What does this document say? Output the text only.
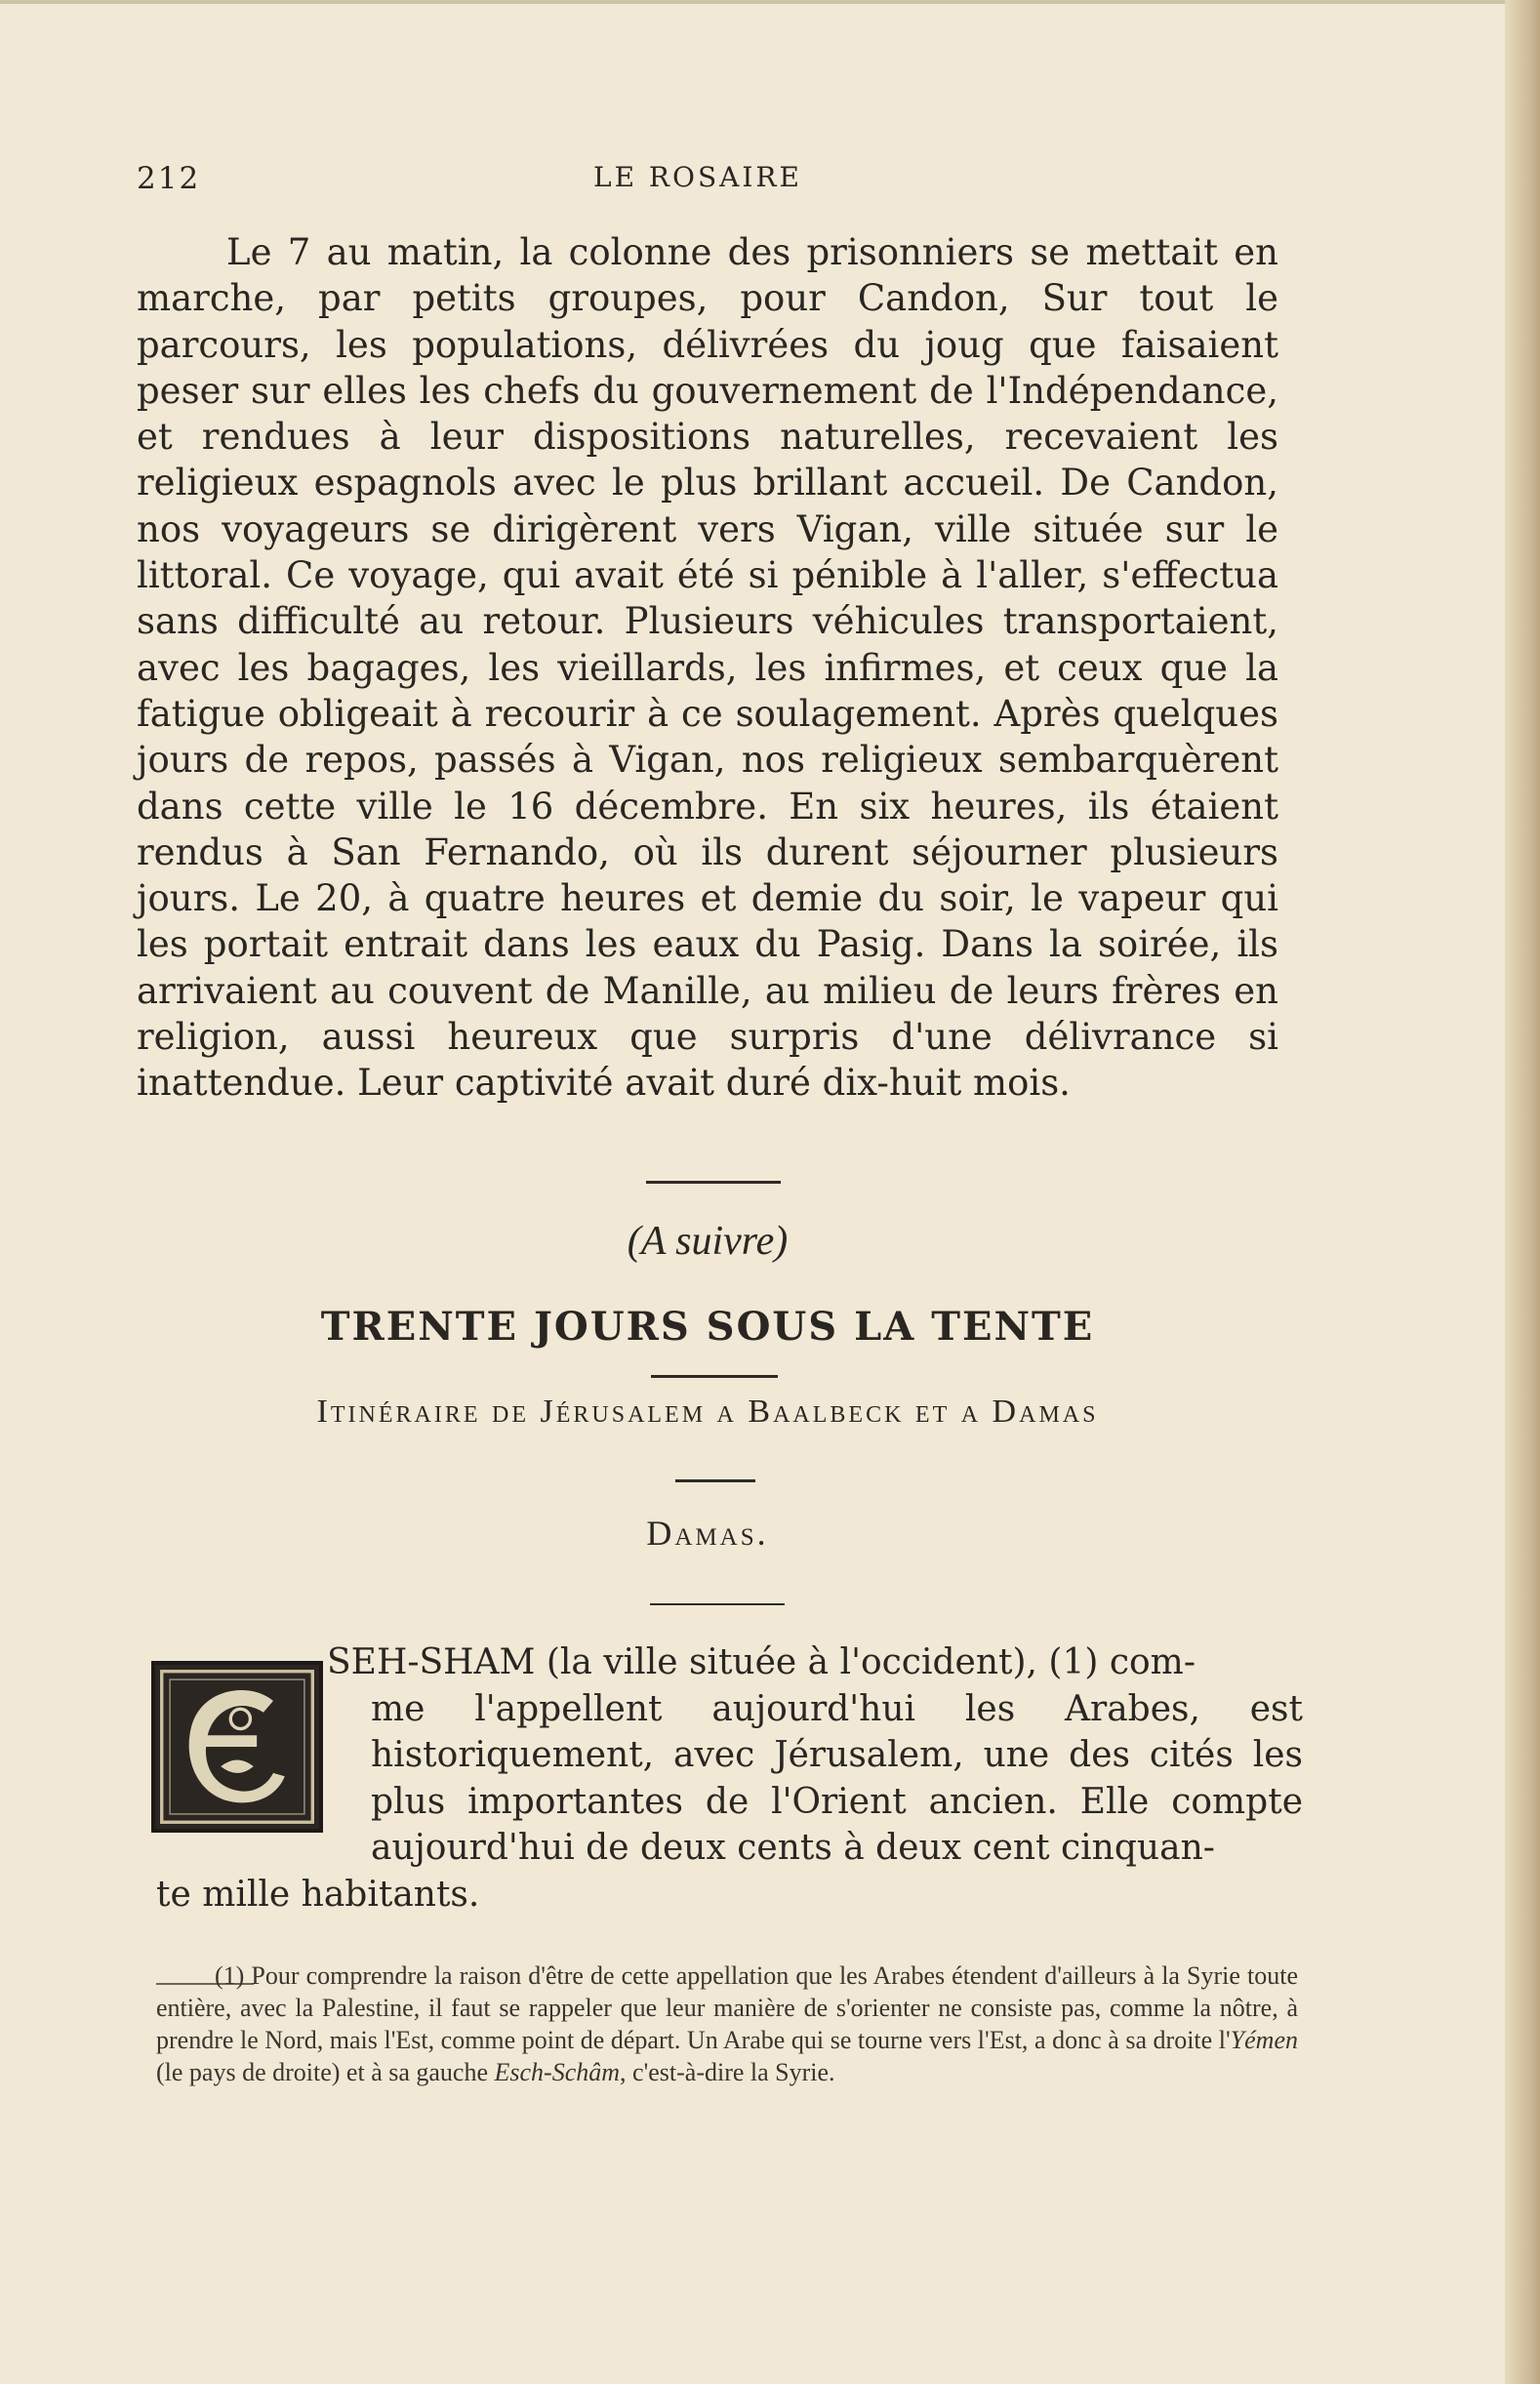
212	LE ROSAIRE

Le 7 au matin, la colonne des prisonniers se mettait en marche, par petits groupes, pour Candon, Sur tout le parcours, les populations, délivrées du joug que faisaient peser sur elles les chefs du gouvernement de l'Indépendance, et rendues à leur dispositions naturelles, recevaient les religieux espagnols avec le plus brillant accueil. De Candon, nos voyageurs se dirigèrent vers Vigan, ville située sur le littoral. Ce voyage, qui avait été si pénible à l'aller, s'effectua sans difficulté au retour. Plusieurs véhicules transportaient, avec les bagages, les vieillards, les infirmes, et ceux que la fatigue obligeait à recourir à ce soulagement. Après quelques jours de repos, passés à Vigan, nos religieux sembarquèrent dans cette ville le 16 décembre. En six heures, ils étaient rendus à San Fernando, où ils durent séjourner plusieurs jours. Le 20, à quatre heures et demie du soir, le vapeur qui les portait entrait dans les eaux du Pasig. Dans la soirée, ils arrivaient au couvent de Manille, au milieu de leurs frères en religion, aussi heureux que surpris d'une délivrance si inattendue. Leur captivité avait duré dix-huit mois.

(A suivre)
TRENTE JOURS SOUS LA TENTE
Itinéraire de Jérusalem a Baalbeck et a Damas
Damas.
SEH-SHAM (la ville située à l'occident), (1) com-
me l'appellent aujourd'hui les Arabes, est historiquement, avec Jérusalem, une des cités les plus importantes de l'Orient ancien. Elle compte aujourd'hui de deux cents à deux cent cinquan-
te mille habitants.

(1) Pour comprendre la raison d'être de cette appellation que les Arabes étendent d'ailleurs à la Syrie toute entière, avec la Palestine, il faut se rappeler que leur manière de s'orienter ne consiste pas, comme la nôtre, à prendre le Nord, mais l'Est, comme point de départ. Un Arabe qui se tourne vers l'Est, a donc à sa droite l'Yémen (le pays de droite) et à sa gauche Esch-Schâm, c'est-à-dire la Syrie.
